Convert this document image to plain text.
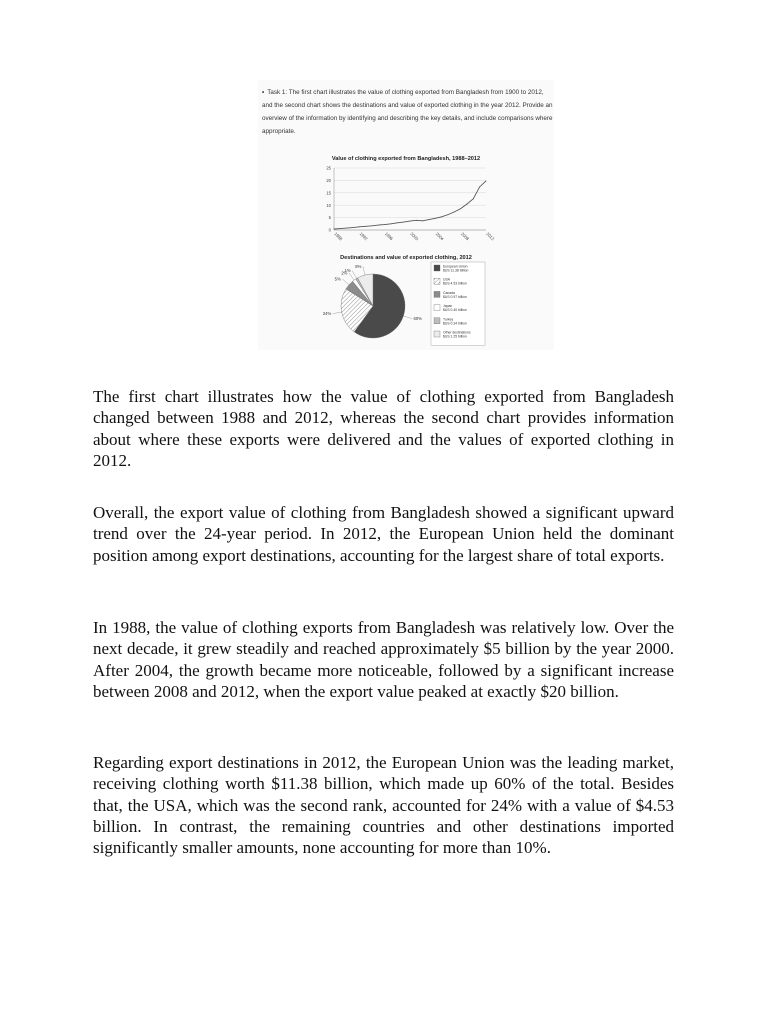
• Task 1: The first chart illustrates the value of clothing exported from Bangladesh from 1900 to 2012, and the second chart shows the destinations and value of exported clothing in the year 2012. Provide an overview of the information by identifying and describing the key details, and include comparisons where appropriate.
Value of clothing exported from Bangladesh, 1988–2012
0
5
10
15
20
25
1988	1992	1996	2000	2004	2008	2012
Destinations and value of exported clothing, 2012
60%
24%
5%
2%
1%
8%	European Union
$US 11.38 billion
USA
$US 4.53 billion
Canada
$US 0.97 billion
Japan
$US 0.40 billion
Turkey
$US 0.34 billion
Other destinations
$US 1.25 billion

The first chart illustrates how the value of clothing exported from Bangladesh changed between 1988 and 2012, whereas the second chart provides information about where these exports were delivered and the values of exported clothing in 2012.

Overall, the export value of clothing from Bangladesh showed a significant upward trend over the 24-year period. In 2012, the European Union held the dominant position among export destinations, accounting for the largest share of total exports.

In 1988, the value of clothing exports from Bangladesh was relatively low. Over the next decade, it grew steadily and reached approximately $5 billion by the year 2000. After 2004, the growth became more noticeable, followed by a significant increase between 2008 and 2012, when the export value peaked at exactly $20 billion.

Regarding export destinations in 2012, the European Union was the leading market, receiving clothing worth $11.38 billion, which made up 60% of the total. Besides that, the USA, which was the second rank, accounted for 24% with a value of $4.53 billion. In contrast, the remaining countries and other destinations imported significantly smaller amounts, none accounting for more than 10%.
